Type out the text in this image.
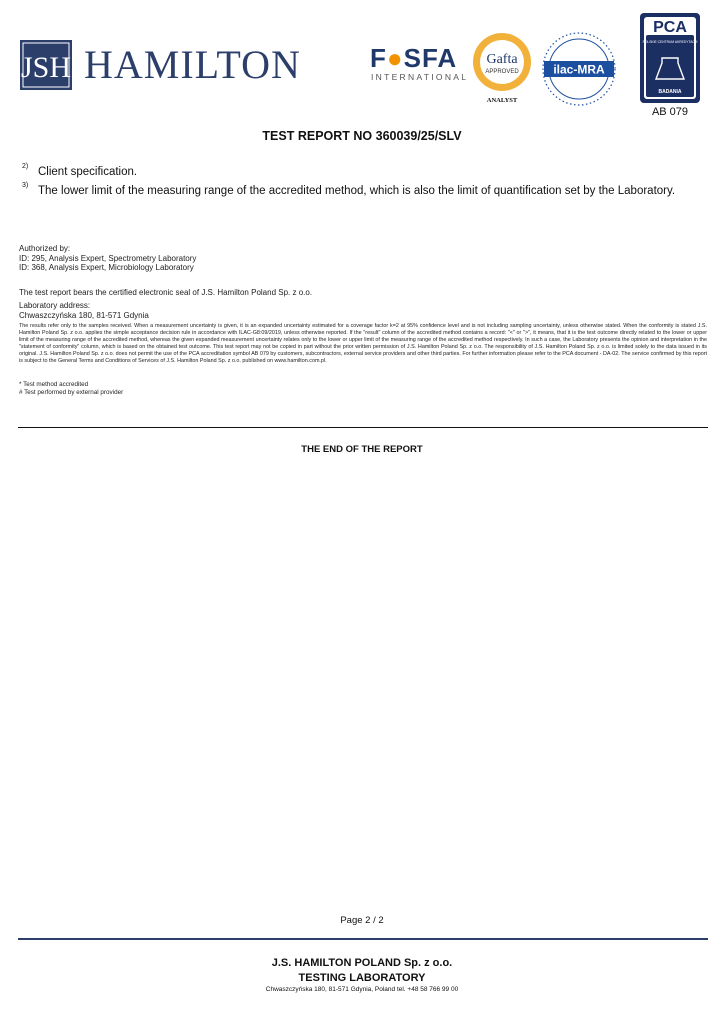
JSH HAMILTON	F●SFA
INTERNATIONAL
Gafta
APPROVED
ANALYST
ilac-MRA
PCA
POLSKIE CENTRUM AKREDYTACJI
BADANIA
AB 079
TEST REPORT NO 360039/25/SLV
2) Client specification.
3) The lower limit of the measuring range of the accredited method, which is also the limit of quantification set by the Laboratory.
Authorized by:
ID: 295, Analysis Expert, Spectrometry Laboratory
ID: 368, Analysis Expert, Microbiology Laboratory
The test report bears the certified electronic seal of J.S. Hamilton Poland Sp. z o.o.
Laboratory address:
Chwaszczyńska 180, 81-571 Gdynia
The results refer only to the samples received. When a measurement uncertainty is given, it is an expanded uncertainty estimated for a coverage factor k=2 at 95% confidence level and is not including sampling uncertainty, unless otherwise stated. When the conformity is stated J.S. Hamilton Poland Sp. z o.o. applies the simple acceptance decision rule in accordance with ILAC-G8:09/2019, unless otherwise reported. If the "result" column of the accredited method contains a record: "<" or ">", it means, that it is the test outcome directly related to the lower or upper limit of the measuring range of the accredited method, whereas the given expanded measurement uncertainty relates only to the lower or upper limit of the measuring range of the accredited method respectively. In such a case, the Laboratory presents the opinion and interpretation in the "statement of conformity" column, which is based on the obtained test outcome. This test report may not be copied in part without the prior written permission of J.S. Hamilton Poland Sp. z o.o. The responsibility of J.S. Hamilton Poland Sp. z o.o. is limited solely to the data issued in its original. J.S. Hamilton Poland Sp. z o.o. does not permit the use of the PCA accreditation symbol AB 079 by customers, subcontractors, external service providers and other third parties. For further information please refer to the PCA document - DA-02. The service confirmed by this report is subject to the General Terms and Conditions of Services of J.S. Hamilton Poland Sp. z o.o. published on www.hamilton.com.pl.
* Test method accredited
# Test performed by external provider
THE END OF THE REPORT
Page 2 / 2
J.S. HAMILTON POLAND Sp. z o.o.
TESTING LABORATORY
Chwaszczyńska 180, 81-571 Gdynia, Poland tel. +48 58 766 99 00
